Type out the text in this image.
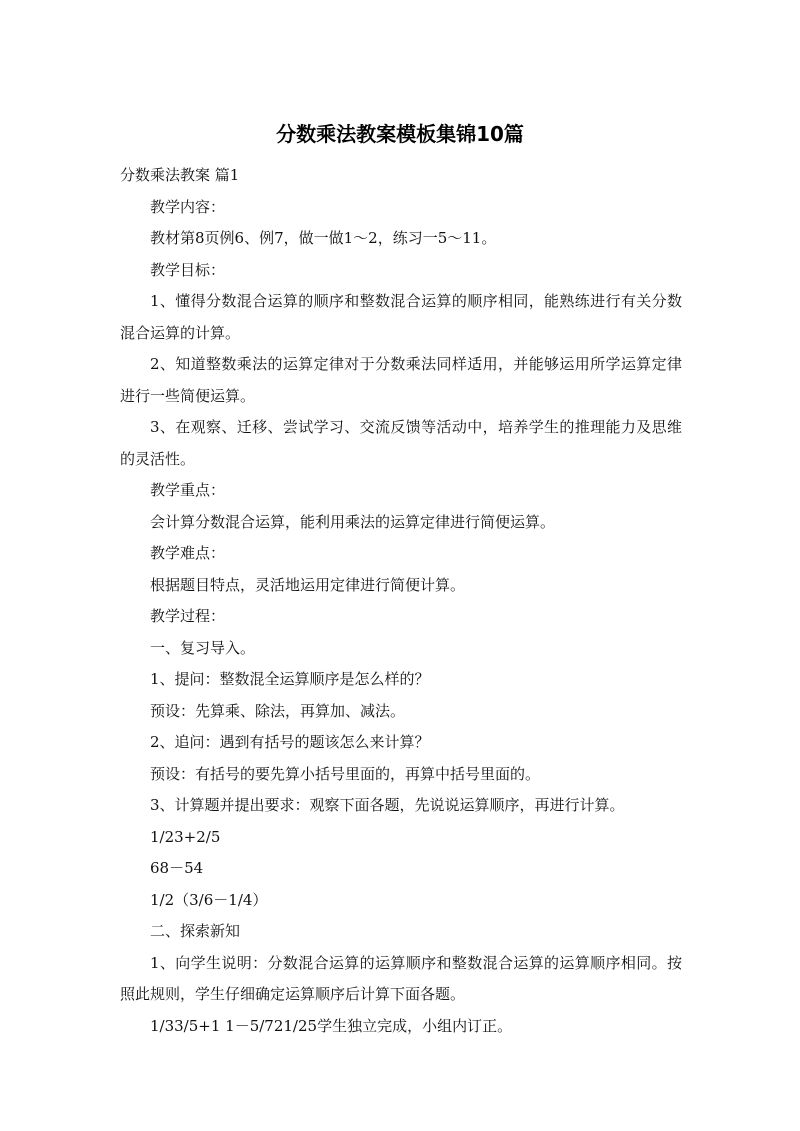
分数乘法教案模板集锦10篇

分数乘法教案 篇1

教学内容：

教材第8页例6、例7，做一做1～2，练习一5～11。

教学目标：

1、懂得分数混合运算的顺序和整数混合运算的顺序相同，能熟练进行有关分数混合运算的计算。

2、知道整数乘法的运算定律对于分数乘法同样适用，并能够运用所学运算定律进行一些简便运算。

3、在观察、迁移、尝试学习、交流反馈等活动中，培养学生的推理能力及思维的灵活性。

教学重点：

会计算分数混合运算，能利用乘法的运算定律进行简便运算。

教学难点：

根据题目特点，灵活地运用定律进行简便计算。

教学过程：

一、复习导入。

1、提问：整数混全运算顺序是怎么样的？

预设：先算乘、除法，再算加、减法。

2、追问：遇到有括号的题该怎么来计算？

预设：有括号的要先算小括号里面的，再算中括号里面的。

3、计算题并提出要求：观察下面各题，先说说运算顺序，再进行计算。

1/23+2/5

68－54

1/2（3/6－1/4）

二、探索新知

1、向学生说明：分数混合运算的运算顺序和整数混合运算的运算顺序相同。按照此规则，学生仔细确定运算顺序后计算下面各题。

1/33/5+1 1－5/721/25学生独立完成，小组内订正。
